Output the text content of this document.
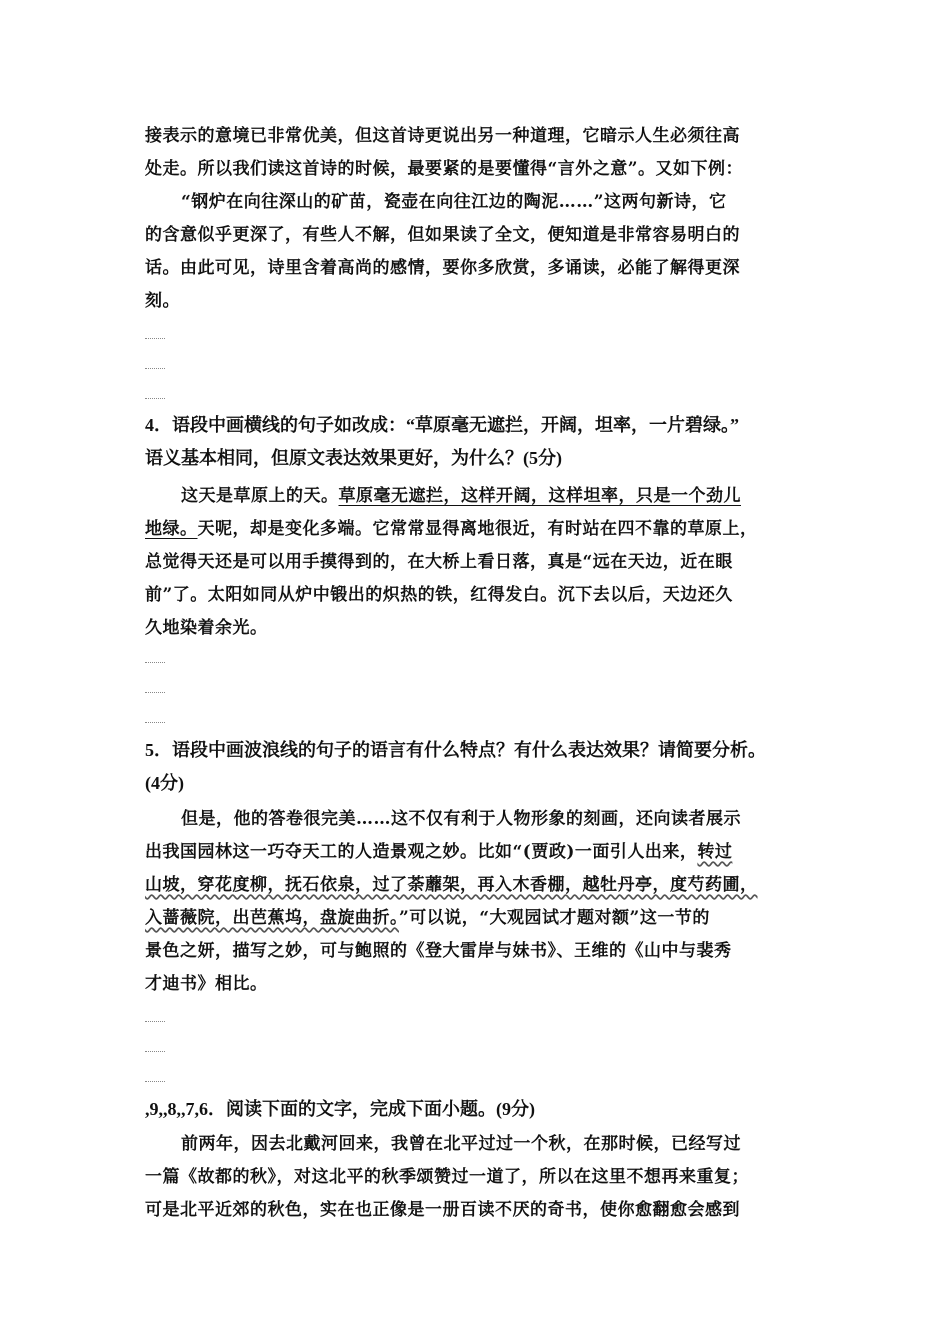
接表示的意境已非常优美，但这首诗更说出另一种道理，它暗示人生必须往高
处走。所以我们读这首诗的时候，最要紧的是要懂得“言外之意”。又如下例：
“钢炉在向往深山的矿苗，瓷壶在向往江边的陶泥……”这两句新诗，它
的含意似乎更深了，有些人不解，但如果读了全文，便知道是非常容易明白的
话。由此可见，诗里含着高尚的感情，要你多欣赏，多诵读，必能了解得更深
刻。
4．语段中画横线的句子如改成：“草原毫无遮拦，开阔，坦率，一片碧绿。”
语义基本相同，但原文表达效果更好，为什么？(5分)
这天是草原上的天。草原毫无遮拦，这样开阔，这样坦率，只是一个劲儿
地绿。天呢，却是变化多端。它常常显得离地很近，有时站在四不靠的草原上，
总觉得天还是可以用手摸得到的，在大桥上看日落，真是“远在天边，近在眼
前”了。太阳如同从炉中锻出的炽热的铁，红得发白。沉下去以后，天边还久
久地染着余光。
5．语段中画波浪线的句子的语言有什么特点？有什么表达效果？请简要分析。
(4分)
但是，他的答卷很完美……这不仅有利于人物形象的刻画，还向读者展示
出我国园林这一巧夺天工的人造景观之妙。比如“(贾政)一面引人出来，转过
山坡，穿花度柳，抚石依泉，过了荼蘼架，再入木香棚，越牡丹亭，度芍药圃，
入蔷薇院，出芭蕉坞，盘旋曲折。”可以说，“大观园试才题对额”这一节的
景色之妍，描写之妙，可与鲍照的《登大雷岸与妹书》、王维的《山中与裴秀
才迪书》相比。
,9,,8,,7,6．阅读下面的文字，完成下面小题。(9分)
前两年，因去北戴河回来，我曾在北平过过一个秋，在那时候，已经写过
一篇《故都的秋》，对这北平的秋季颂赞过一道了，所以在这里不想再来重复；
可是北平近郊的秋色，实在也正像是一册百读不厌的奇书，使你愈翻愈会感到
